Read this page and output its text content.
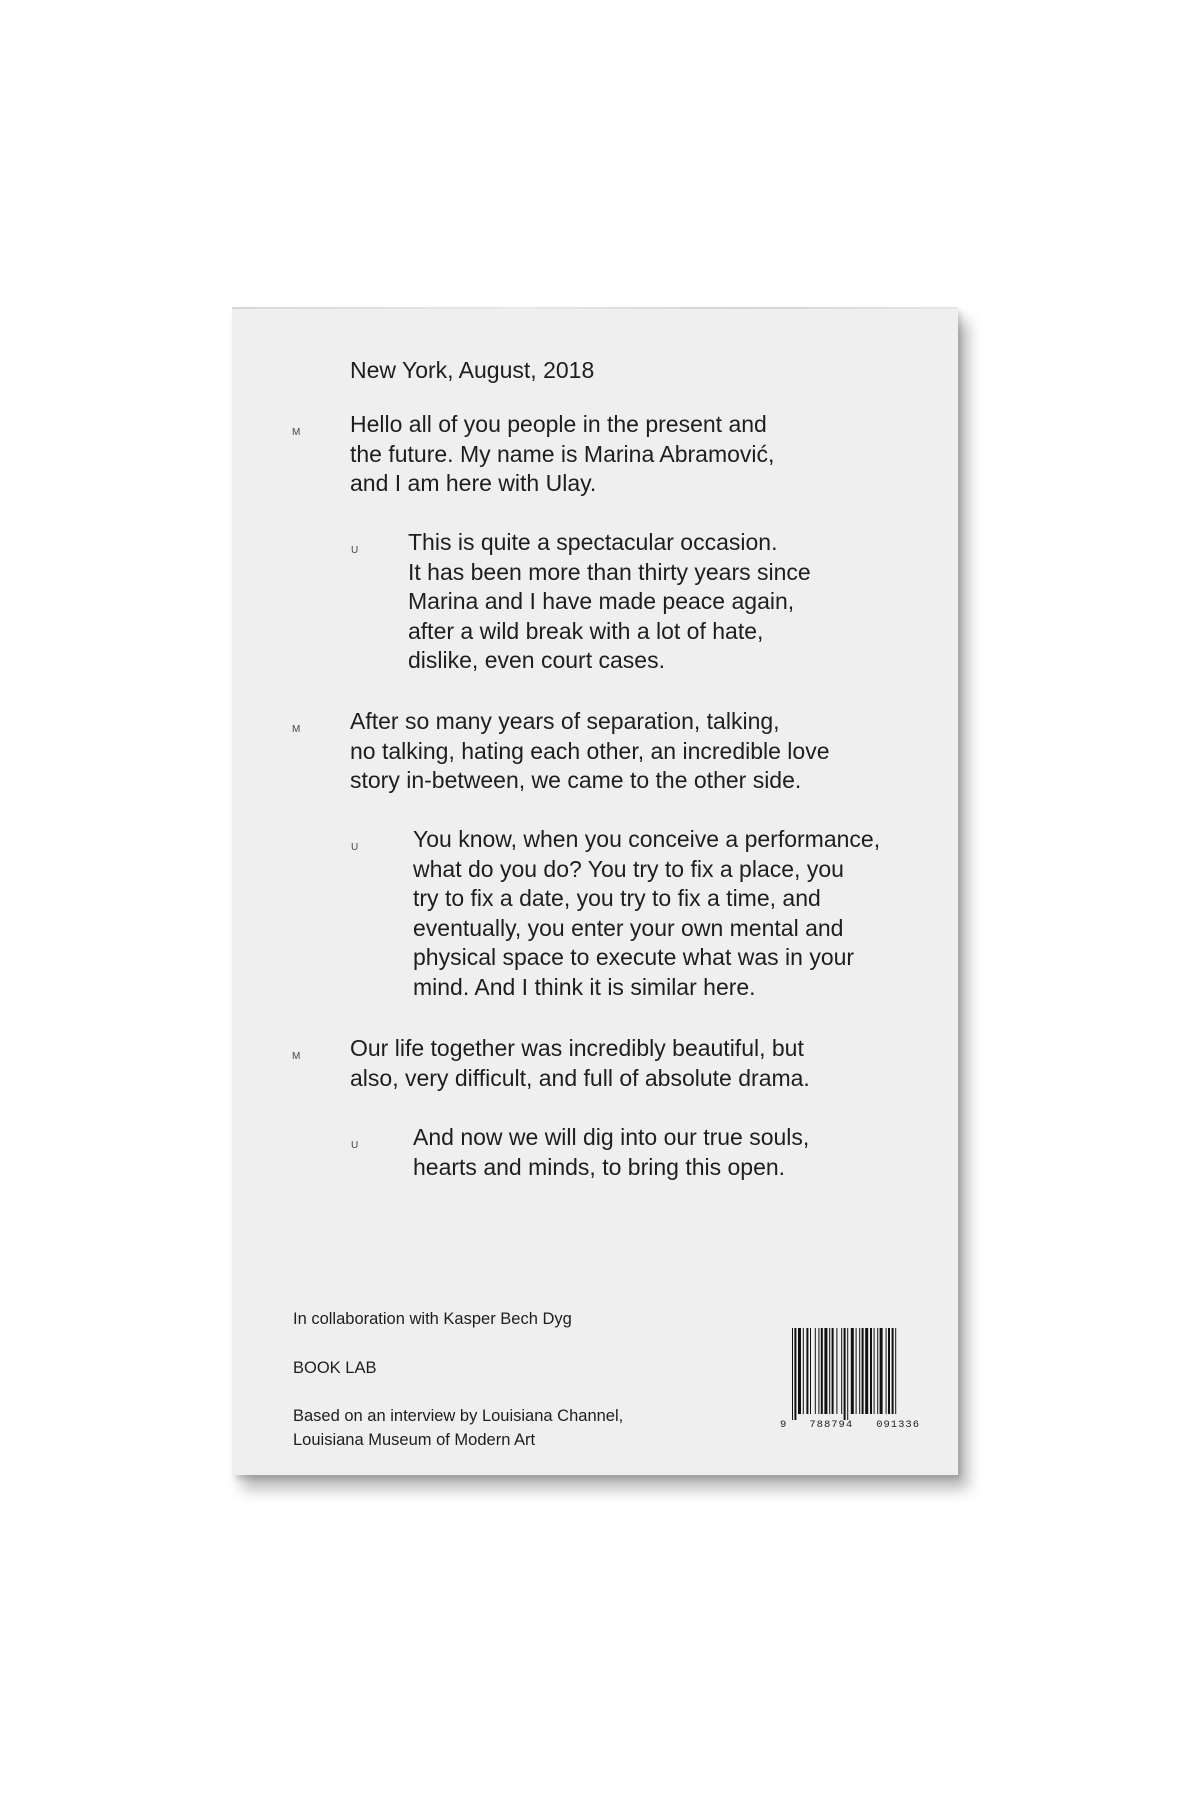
New York, August, 2018

M Hello all of you people in the present and
the future. My name is Marina Abramović,
and I am here with Ulay.
U This is quite a spectacular occasion.
It has been more than thirty years since
Marina and I have made peace again,
after a wild break with a lot of hate,
dislike, even court cases.
M After so many years of separation, talking,
no talking, hating each other, an incredible love
story in-between, we came to the other side.
U You know, when you conceive a performance,
what do you do? You try to fix a place, you
try to fix a date, you try to fix a time, and
eventually, you enter your own mental and
physical space to execute what was in your
mind. And I think it is similar here.
M Our life together was incredibly beautiful, but
also, very difficult, and full of absolute drama.
U And now we will dig into our true souls,
hearts and minds, to bring this open.

In collaboration with Kasper Bech Dyg

BOOK LAB

Based on an interview by Louisiana Channel,
Louisiana Museum of Modern Art
9 788794 091336
